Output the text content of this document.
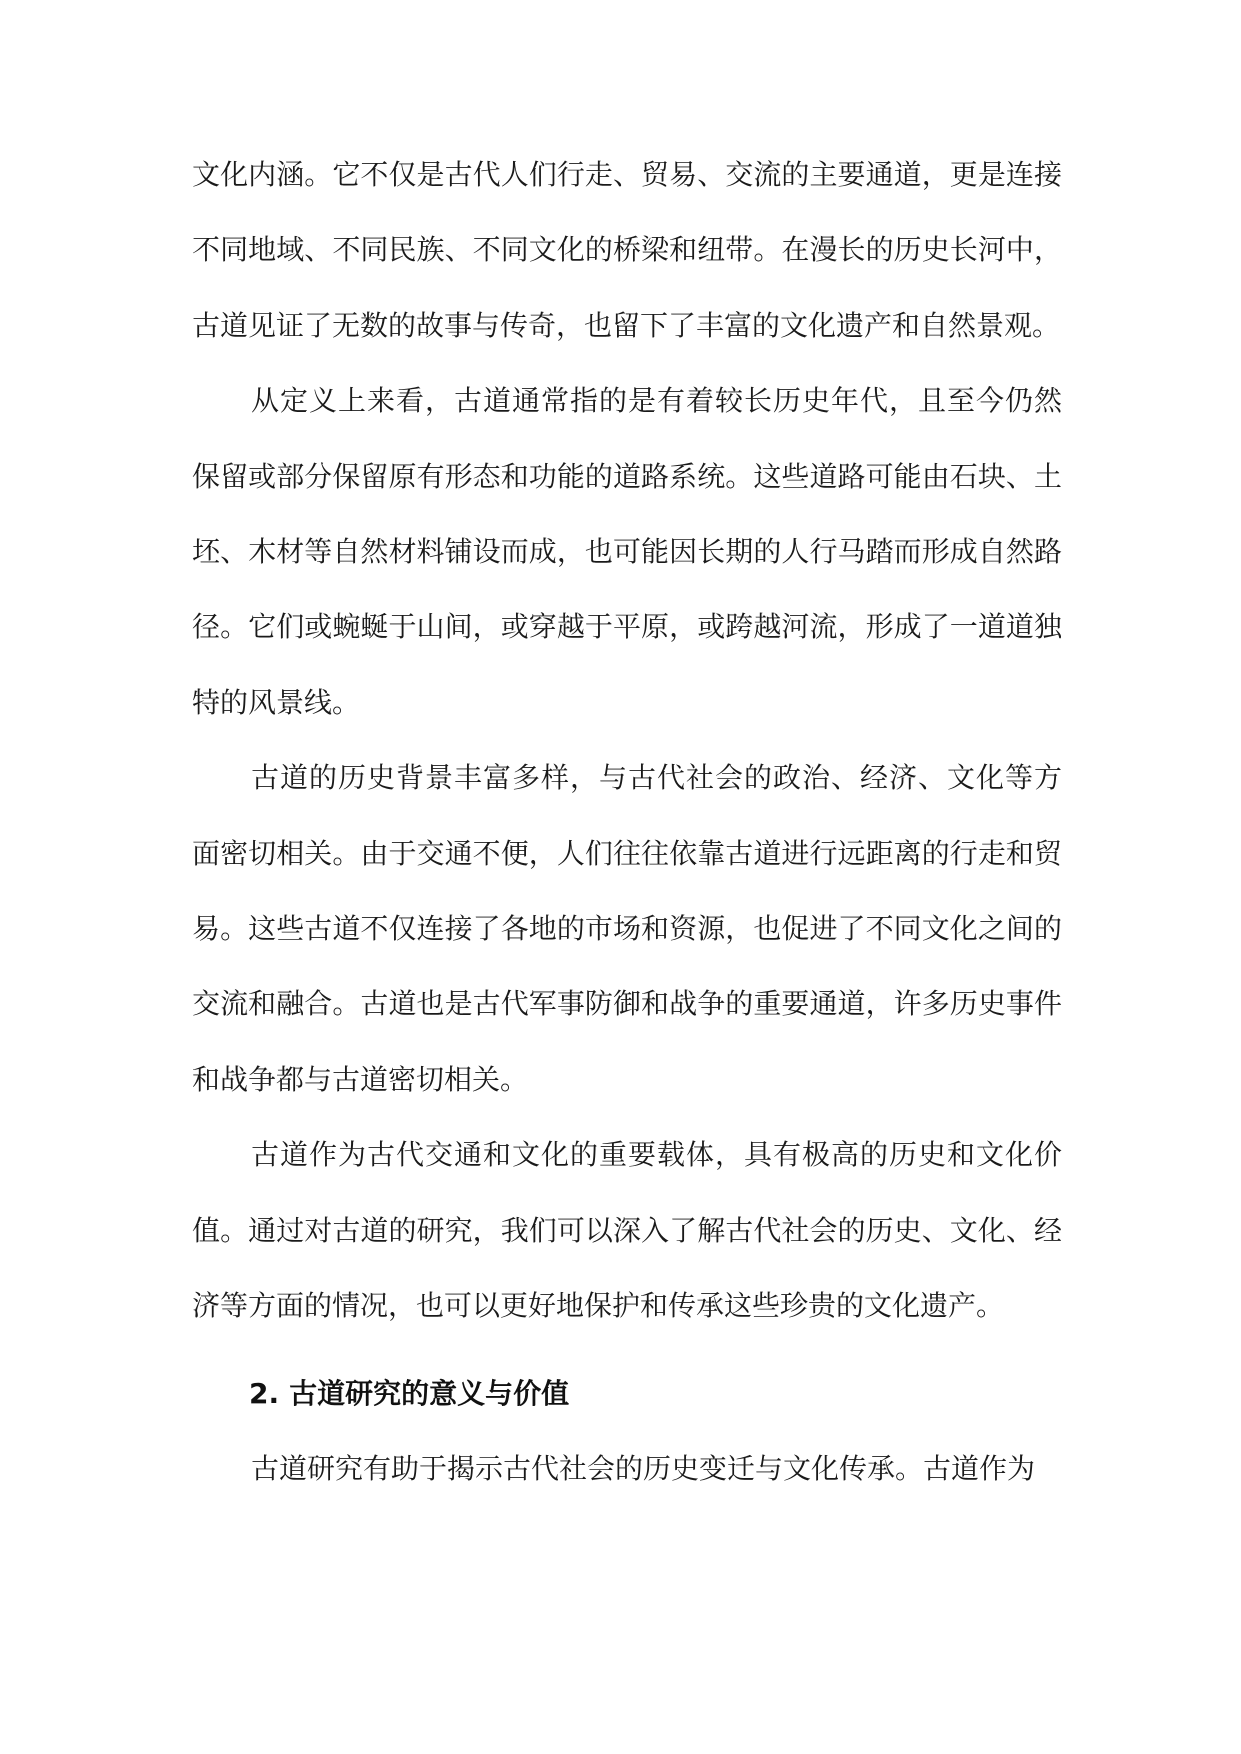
文化内涵。它不仅是古代人们行走、贸易、交流的主要通道，更是连接不同地域、不同民族、不同文化的桥梁和纽带。在漫长的历史长河中，古道见证了无数的故事与传奇，也留下了丰富的文化遗产和自然景观。

从定义上来看，古道通常指的是有着较长历史年代，且至今仍然保留或部分保留原有形态和功能的道路系统。这些道路可能由石块、土坯、木材等自然材料铺设而成，也可能因长期的人行马踏而形成自然路径。它们或蜿蜒于山间，或穿越于平原，或跨越河流，形成了一道道独特的风景线。

古道的历史背景丰富多样，与古代社会的政治、经济、文化等方面密切相关。由于交通不便，人们往往依靠古道进行远距离的行走和贸易。这些古道不仅连接了各地的市场和资源，也促进了不同文化之间的交流和融合。古道也是古代军事防御和战争的重要通道，许多历史事件和战争都与古道密切相关。

古道作为古代交通和文化的重要载体，具有极高的历史和文化价值。通过对古道的研究，我们可以深入了解古代社会的历史、文化、经济等方面的情况，也可以更好地保护和传承这些珍贵的文化遗产。

2. 古道研究的意义与价值

古道研究有助于揭示古代社会的历史变迁与文化传承。古道作为
